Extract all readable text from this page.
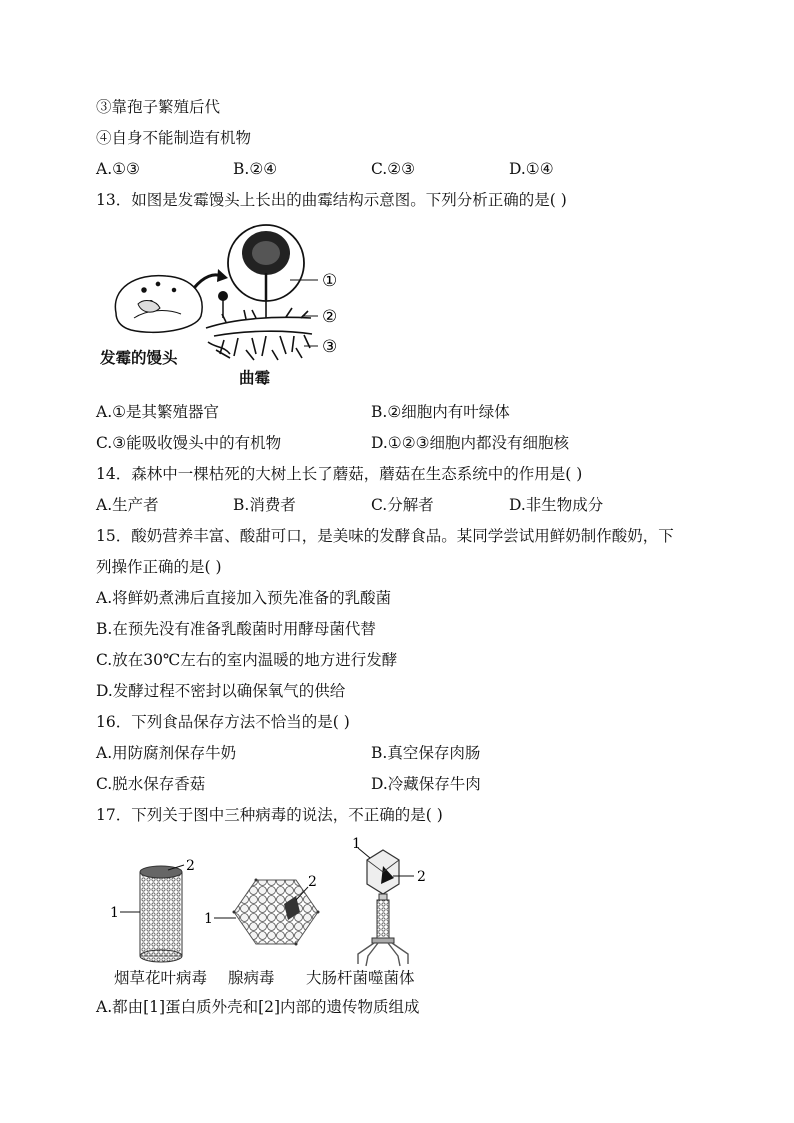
③靠孢子繁殖后代
④自身不能制造有机物
A.①③	B.②④	C.②③	D.①④
13．如图是发霉馒头上长出的曲霉结构示意图。下列分析正确的是( )
①
②
③
发霉的馒头
曲霉
A.①是其繁殖器官	B.②细胞内有叶绿体
C.③能吸收馒头中的有机物	D.①②③细胞内都没有细胞核
14．森林中一棵枯死的大树上长了蘑菇，蘑菇在生态系统中的作用是( )
A.生产者	B.消费者	C.分解者	D.非生物成分
15．酸奶营养丰富、酸甜可口，是美味的发酵食品。某同学尝试用鲜奶制作酸奶，下
列操作正确的是( )
A.将鲜奶煮沸后直接加入预先准备的乳酸菌
B.在预先没有准备乳酸菌时用酵母菌代替
C.放在30℃左右的室内温暖的地方进行发酵
D.发酵过程不密封以确保氧气的供给
16．下列食品保存方法不恰当的是( )
A.用防腐剂保存牛奶	B.真空保存肉肠
C.脱水保存香菇	D.冷藏保存牛肉
17．下列关于图中三种病毒的说法，不正确的是( )
2
1
2
1
1
2
烟草花叶病毒 腺病毒 大肠杆菌噬菌体
A.都由[1]蛋白质外壳和[2]内部的遗传物质组成
